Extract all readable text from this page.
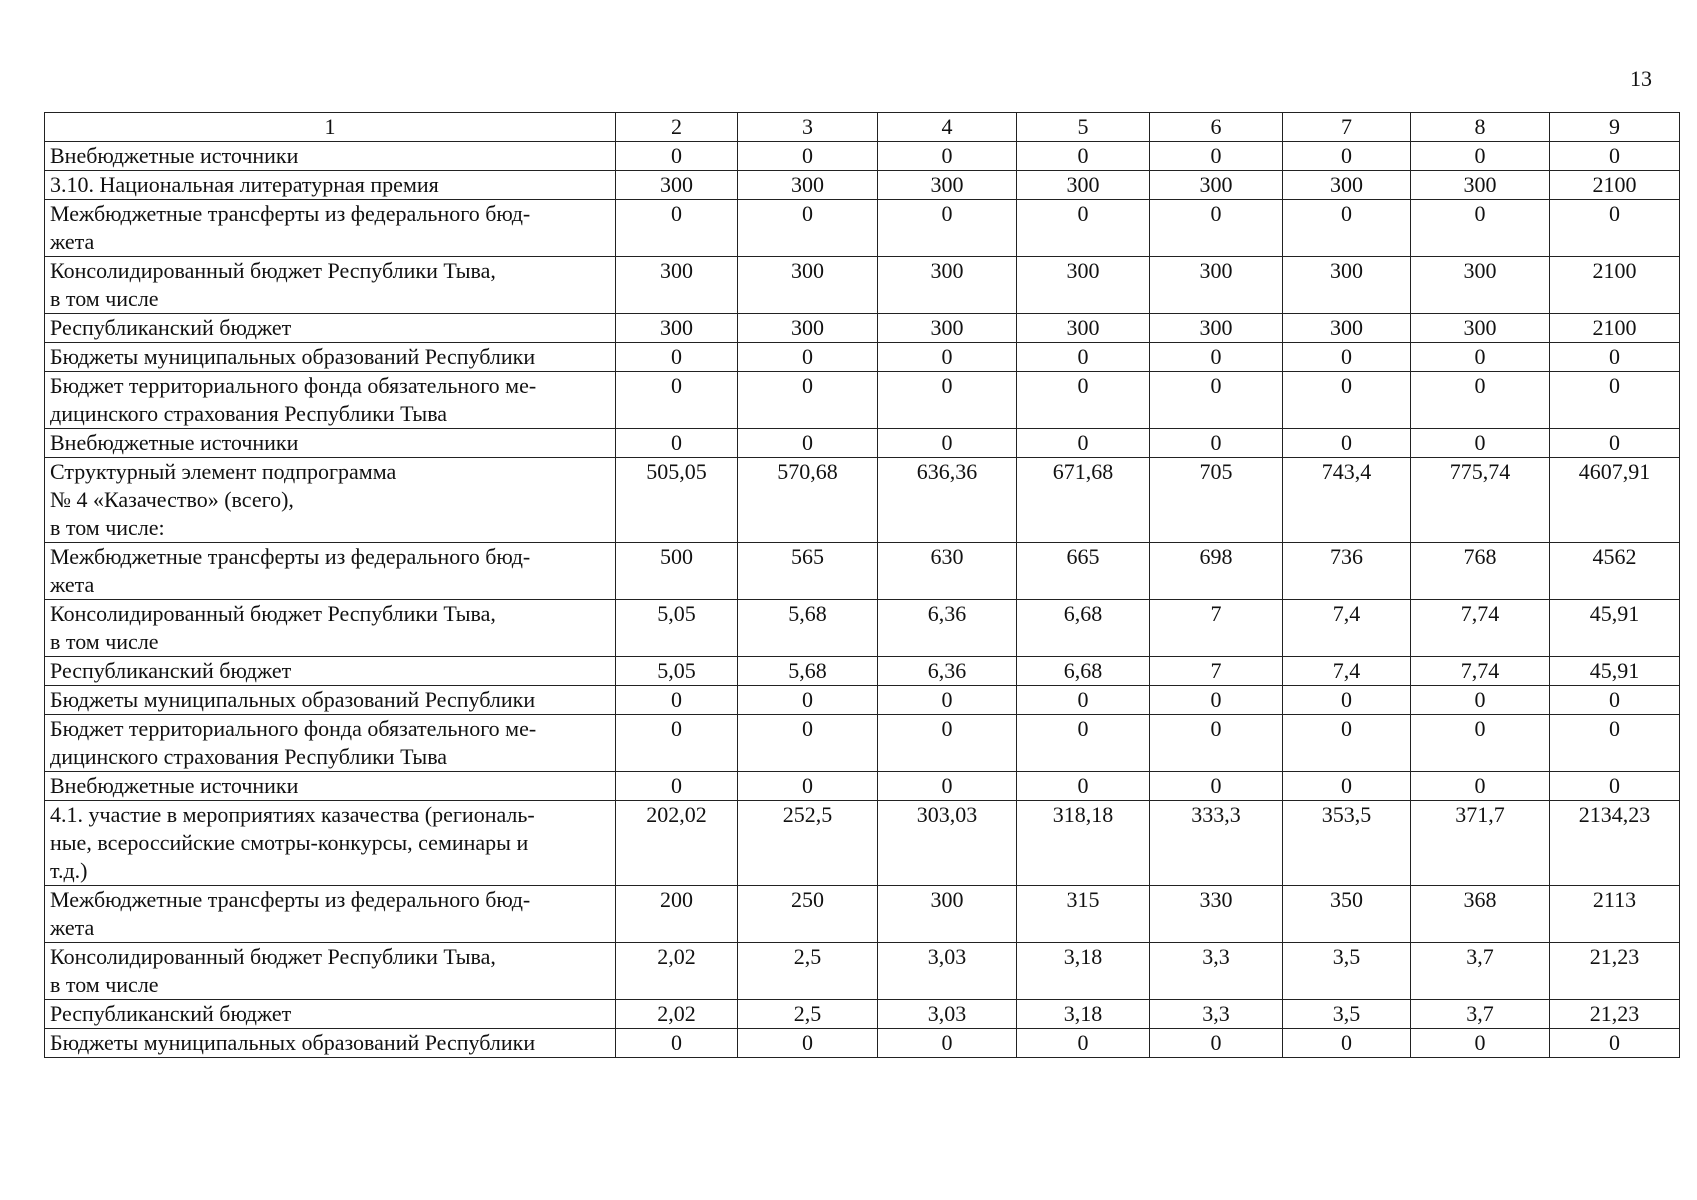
13
1	2	3	4	5	6	7	8	9
Внебюджетные источники	0	0	0	0	0	0	0	0
3.10. Национальная литературная премия	300	300	300	300	300	300	300	2100
Межбюджетные трансферты из федерального бюд-
жета	0	0	0	0	0	0	0	0
Консолидированный бюджет Республики Тыва,
в том числе	300	300	300	300	300	300	300	2100
Республиканский бюджет	300	300	300	300	300	300	300	2100
Бюджеты муниципальных образований Республики	0	0	0	0	0	0	0	0
Бюджет территориального фонда обязательного ме-
дицинского страхования Республики Тыва	0	0	0	0	0	0	0	0
Внебюджетные источники	0	0	0	0	0	0	0	0
Структурный элемент подпрограмма
№ 4 «Казачество» (всего),
в том числе:	505,05	570,68	636,36	671,68	705	743,4	775,74	4607,91
Межбюджетные трансферты из федерального бюд-
жета	500	565	630	665	698	736	768	4562
Консолидированный бюджет Республики Тыва,
в том числе	5,05	5,68	6,36	6,68	7	7,4	7,74	45,91
Республиканский бюджет	5,05	5,68	6,36	6,68	7	7,4	7,74	45,91
Бюджеты муниципальных образований Республики	0	0	0	0	0	0	0	0
Бюджет территориального фонда обязательного ме-
дицинского страхования Республики Тыва	0	0	0	0	0	0	0	0
Внебюджетные источники	0	0	0	0	0	0	0	0
4.1. участие в мероприятиях казачества (региональ-
ные, всероссийские смотры-конкурсы, семинары и
т.д.)	202,02	252,5	303,03	318,18	333,3	353,5	371,7	2134,23
Межбюджетные трансферты из федерального бюд-
жета	200	250	300	315	330	350	368	2113
Консолидированный бюджет Республики Тыва,
в том числе	2,02	2,5	3,03	3,18	3,3	3,5	3,7	21,23
Республиканский бюджет	2,02	2,5	3,03	3,18	3,3	3,5	3,7	21,23
Бюджеты муниципальных образований Республики	0	0	0	0	0	0	0	0
